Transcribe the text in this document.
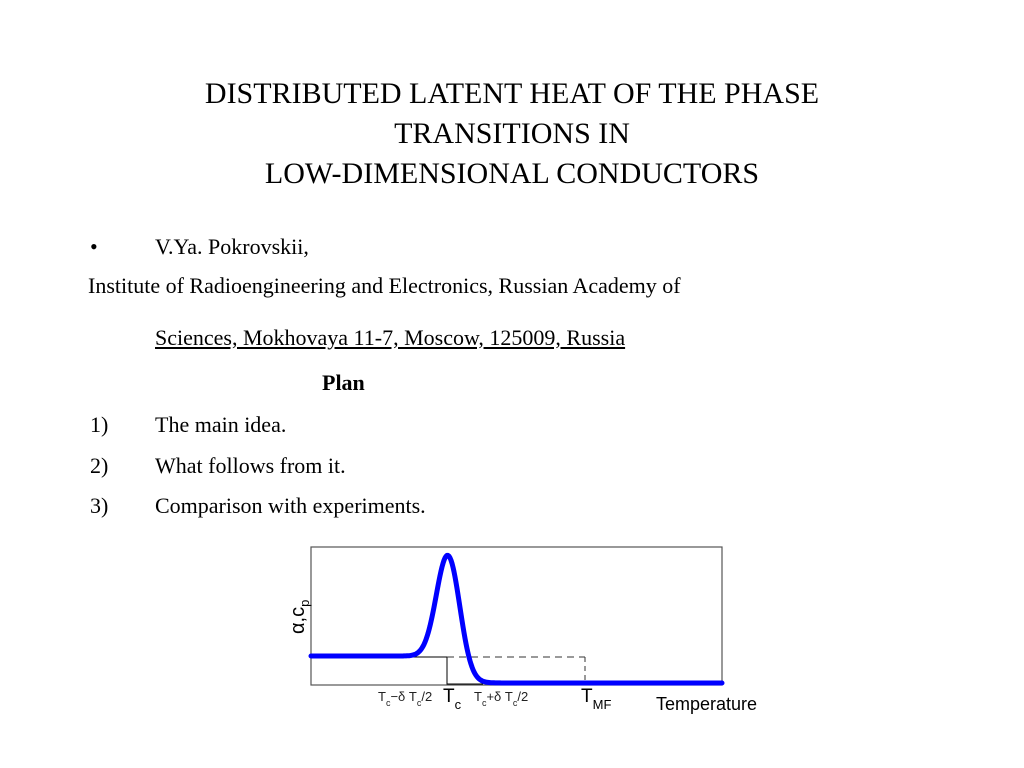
DISTRIBUTED LATENT HEAT OF THE PHASE
TRANSITIONS IN
LOW-DIMENSIONAL CONDUCTORS
•	V.Ya. Pokrovskii,
Institute of Radioengineering and Electronics, Russian Academy of
Sciences, Mokhovaya 11-7, Moscow, 125009, Russia
Plan
1) The main idea.
2) What follows from it.
3) Comparison with experiments.
$\alpha,c_p$
$T_c-\delta$ $T_c/2$ $T_c$
$T_c+\delta$ $T_c/2$	$T_{MF}$ Temperature
